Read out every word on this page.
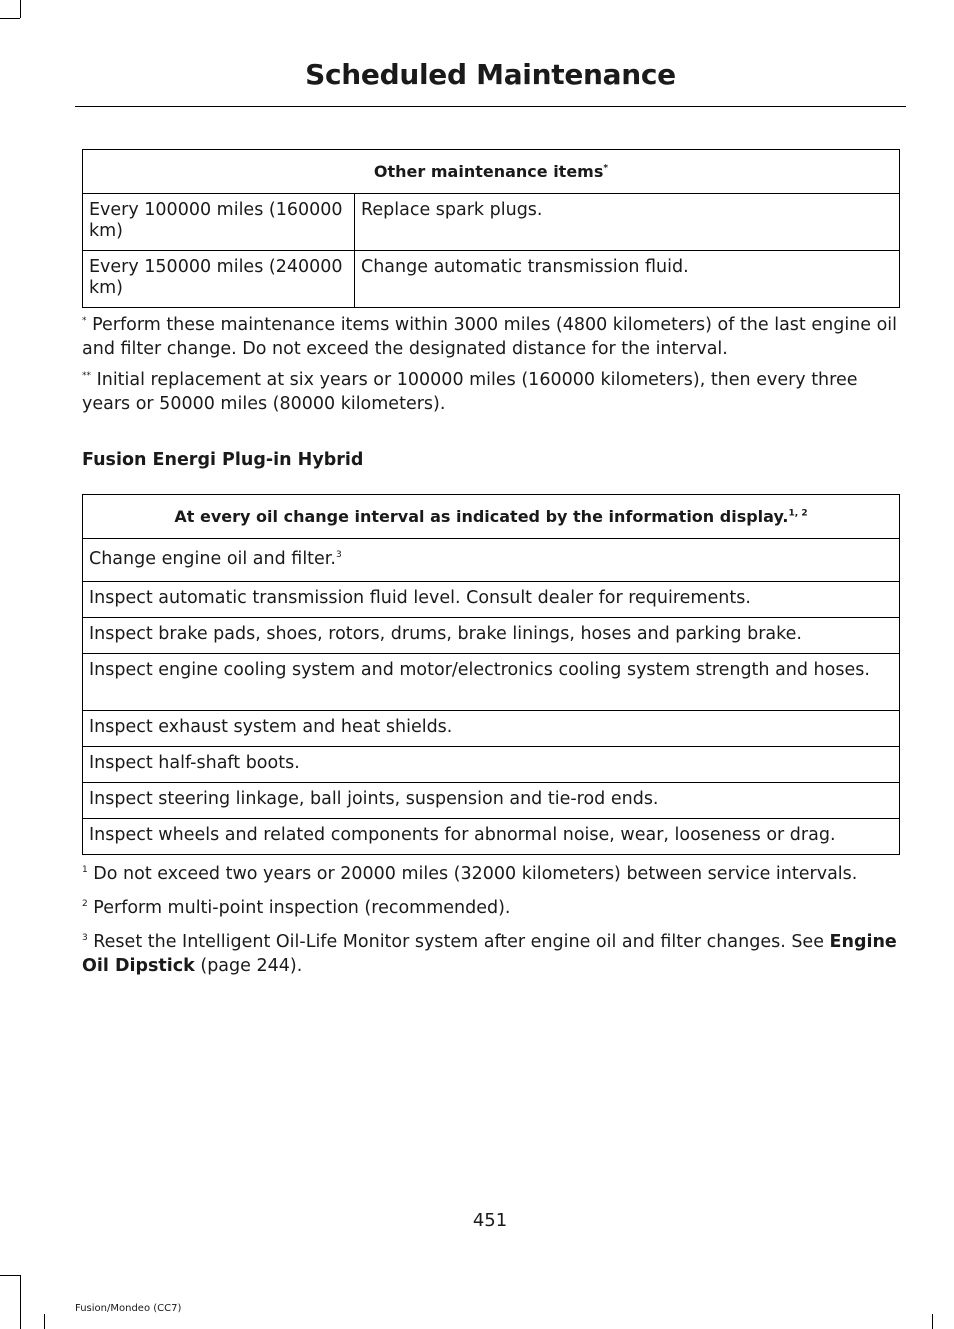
Scheduled Maintenance
Other maintenance items*
Every 100000 miles (160000 km)	Replace spark plugs.
Every 150000 miles (240000 km)	Change automatic transmission fluid.
* Perform these maintenance items within 3000 miles (4800 kilometers) of the last engine oil and filter change. Do not exceed the designated distance for the interval.
** Initial replacement at six years or 100000 miles (160000 kilometers), then every three years or 50000 miles (80000 kilometers).
Fusion Energi Plug-in Hybrid
At every oil change interval as indicated by the information display.$^{1, 2}$
Change engine oil and filter.$^3$
Inspect automatic transmission fluid level. Consult dealer for requirements.
Inspect brake pads, shoes, rotors, drums, brake linings, hoses and parking brake.
Inspect engine cooling system and motor/electronics cooling system strength and hoses.
Inspect exhaust system and heat shields.
Inspect half-shaft boots.
Inspect steering linkage, ball joints, suspension and tie-rod ends.
Inspect wheels and related components for abnormal noise, wear, looseness or drag.
$^1$ Do not exceed two years or 20000 miles (32000 kilometers) between service intervals.
$^2$ Perform multi-point inspection (recommended).
$^3$ Reset the Intelligent Oil-Life Monitor system after engine oil and filter changes. See Engine Oil Dipstick (page 244).
451
Fusion/Mondeo (CC7)
